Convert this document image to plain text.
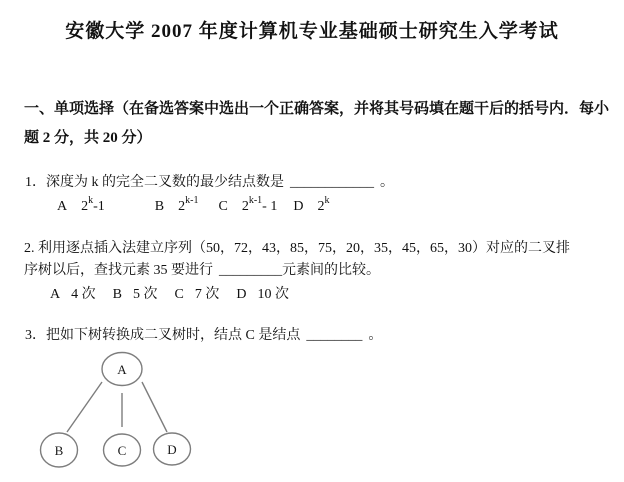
安徽大学 2007 年度计算机专业基础硕士研究生入学考试
一、单项选择（在备选答案中选出一个正确答案，并将其号码填在题干后的括号内．每小
题 2 分，共 20 分）
1．深度为 k 的完全二叉数的最少结点数是 ____________ 。
A 2$^k$-1	B 2$^{k-1}$ C 2$^{k-1}$- 1 D 2$^k$
2. 利用逐点插入法建立序列（50，72，43，85，75，20，35，45，65，30）对应的二叉排
序树以后，查找元素 35 要进行 _________元素间的比较。
A 4 次 B 5 次 C 7 次 D 10 次
3．把如下树转换成二叉树时，结点 C 是结点 ________ 。
A
B	C	D
